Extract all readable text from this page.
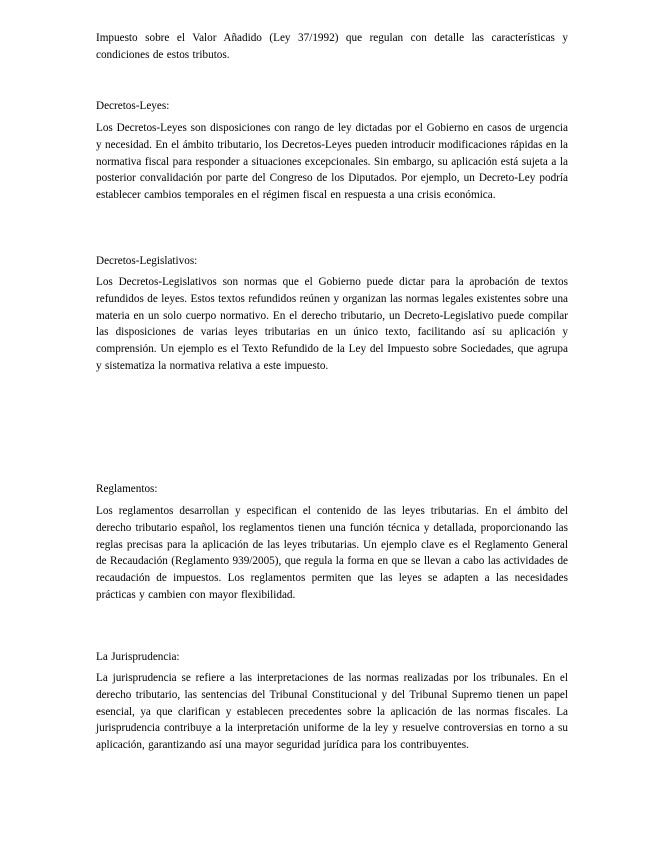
Impuesto sobre el Valor Añadido (Ley 37/1992) que regulan con detalle las características y condiciones de estos tributos.

Decretos-Leyes:

Los Decretos-Leyes son disposiciones con rango de ley dictadas por el Gobierno en casos de urgencia y necesidad. En el ámbito tributario, los Decretos-Leyes pueden introducir modificaciones rápidas en la normativa fiscal para responder a situaciones excepcionales. Sin embargo, su aplicación está sujeta a la posterior convalidación por parte del Congreso de los Diputados. Por ejemplo, un Decreto-Ley podría establecer cambios temporales en el régimen fiscal en respuesta a una crisis económica.

Decretos-Legislativos:

Los Decretos-Legislativos son normas que el Gobierno puede dictar para la aprobación de textos refundidos de leyes. Estos textos refundidos reúnen y organizan las normas legales existentes sobre una materia en un solo cuerpo normativo. En el derecho tributario, un Decreto-Legislativo puede compilar las disposiciones de varias leyes tributarias en un único texto, facilitando así su aplicación y comprensión. Un ejemplo es el Texto Refundido de la Ley del Impuesto sobre Sociedades, que agrupa y sistematiza la normativa relativa a este impuesto.

Reglamentos:

Los reglamentos desarrollan y especifican el contenido de las leyes tributarias. En el ámbito del derecho tributario español, los reglamentos tienen una función técnica y detallada, proporcionando las reglas precisas para la aplicación de las leyes tributarias. Un ejemplo clave es el Reglamento General de Recaudación (Reglamento 939/2005), que regula la forma en que se llevan a cabo las actividades de recaudación de impuestos. Los reglamentos permiten que las leyes se adapten a las necesidades prácticas y cambien con mayor flexibilidad.

La Jurisprudencia:

La jurisprudencia se refiere a las interpretaciones de las normas realizadas por los tribunales. En el derecho tributario, las sentencias del Tribunal Constitucional y del Tribunal Supremo tienen un papel esencial, ya que clarifican y establecen precedentes sobre la aplicación de las normas fiscales. La jurisprudencia contribuye a la interpretación uniforme de la ley y resuelve controversias en torno a su aplicación, garantizando así una mayor seguridad jurídica para los contribuyentes.
